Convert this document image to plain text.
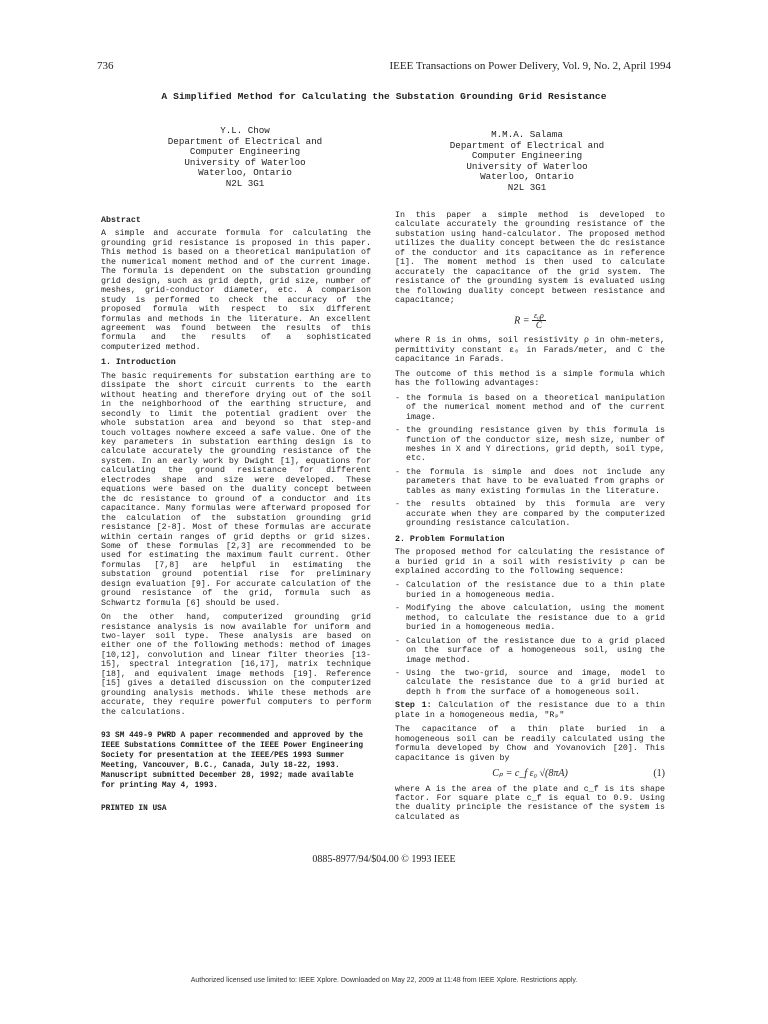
736	IEEE Transactions on Power Delivery, Vol. 9, No. 2, April 1994
A Simplified Method for Calculating the Substation Grounding Grid Resistance
Y.L. Chow
Department of Electrical and
Computer Engineering
University of Waterloo
Waterloo, Ontario
N2L 3G1
M.M.A. Salama
Department of Electrical and
Computer Engineering
University of Waterloo
Waterloo, Ontario
N2L 3G1
Abstract

A simple and accurate formula for calculating the grounding grid resistance is proposed in this paper. This method is based on a theoretical manipulation of the numerical moment method and of the current image. The formula is dependent on the substation grounding grid design, such as grid depth, grid size, number of meshes, grid-conductor diameter, etc. A comparison study is performed to check the accuracy of the proposed formula with respect to six different formulas and methods in the literature. An excellent agreement was found between the results of this formula and the results of a sophisticated computerized method.

1. Introduction

The basic requirements for substation earthing are to dissipate the short circuit currents to the earth without heating and therefore drying out of the soil in the neighborhood of the earthing structure, and secondly to limit the potential gradient over the whole substation area and beyond so that step-and touch voltages nowhere exceed a safe value. One of the key parameters in substation earthing design is to calculate accurately the grounding resistance of the system. In an early work by Dwight [1], equations for calculating the ground resistance for different electrodes shape and size were developed. These equations were based on the duality concept between the dc resistance to ground of a conductor and its capacitance. Many formulas were afterward proposed for the calculation of the substation grounding grid resistance [2-8]. Most of these formulas are accurate within certain ranges of grid depths or grid sizes. Some of these formulas [2,3] are recommended to be used for estimating the maximum fault current. Other formulas [7,8] are helpful in estimating the substation ground potential rise for preliminary design evaluation [9]. For accurate calculation of the ground resistance of the grid, formula such as Schwartz formula [6] should be used.

On the other hand, computerized grounding grid resistance analysis is now available for uniform and two-layer soil type. These analysis are based on either one of the following methods: method of images [10,12], convolution and linear filter theories [13-15], spectral integration [16,17], matrix technique [18], and equivalent image methods [19]. Reference [15] gives a detailed discussion on the computerized grounding analysis methods. While these methods are accurate, they require powerful computers to perform the calculations.

93 SM 449-9 PWRD A paper recommended and approved by the IEEE Substations Committee of the IEEE Power Engineering Society for presentation at the IEEE/PES 1993 Summer Meeting, Vancouver, B.C., Canada, July 18-22, 1993. Manuscript submitted December 28, 1992; made available for printing May 4, 1993.
PRINTED IN USA

In this paper a simple method is developed to calculate accurately the grounding resistance of the substation using hand-calculator. The proposed method utilizes the duality concept between the dc resistance of the conductor and its capacitance as in reference [1]. The moment method is then used to calculate accurately the capacitance of the grid system. The resistance of the grounding system is evaluated using the following duality concept between resistance and capacitance;

$R = \frac{\text{ε₀ρ}}{C}$

where R is in ohms, soil resistivity ρ in ohm-meters, permittivity constant ε₀ in Farads/meter, and C the capacitance in Farads.

The outcome of this method is a simple formula which has the following advantages:

- the formula is based on a theoretical manipulation of the numerical moment method and of the current image.
- the grounding resistance given by this formula is function of the conductor size, mesh size, number of meshes in X and Y directions, grid depth, soil type, etc.
- the formula is simple and does not include any parameters that have to be evaluated from graphs or tables as many existing formulas in the literature.
- the results obtained by this formula are very accurate when they are compared by the computerized grounding resistance calculation.
2. Problem Formulation

The proposed method for calculating the resistance of a buried grid in a soil with resistivity ρ can be explained according to the following sequence:

- Calculation of the resistance due to a thin plate buried in a homogeneous media.
- Modifying the above calculation, using the moment method, to calculate the resistance due to a grid buried in a homogeneous media.
- Calculation of the resistance due to a grid placed on the surface of a homogeneous soil, using the image method.
- Using the two-grid, source and image, model to calculate the resistance due to a grid buried at depth h from the surface of a homogeneous soil.

Step 1: Calculation of the resistance due to a thin plate in a homogeneous media, "Rₚ"

The capacitance of a thin plate buried in a homogeneous soil can be readily calculated using the formula developed by Chow and Yovanovich [20]. This capacitance is given by

Cₚ = c_f ε₀ √(8πA)	(1)

where A is the area of the plate and c_f is its shape factor. For square plate c_f is equal to 0.9. Using the duality principle the resistance of the system is calculated as

0885-8977/94/$04.00 © 1993 IEEE
Authorized licensed use limited to: IEEE Xplore. Downloaded on May 22, 2009 at 11:48 from IEEE Xplore. Restrictions apply.
